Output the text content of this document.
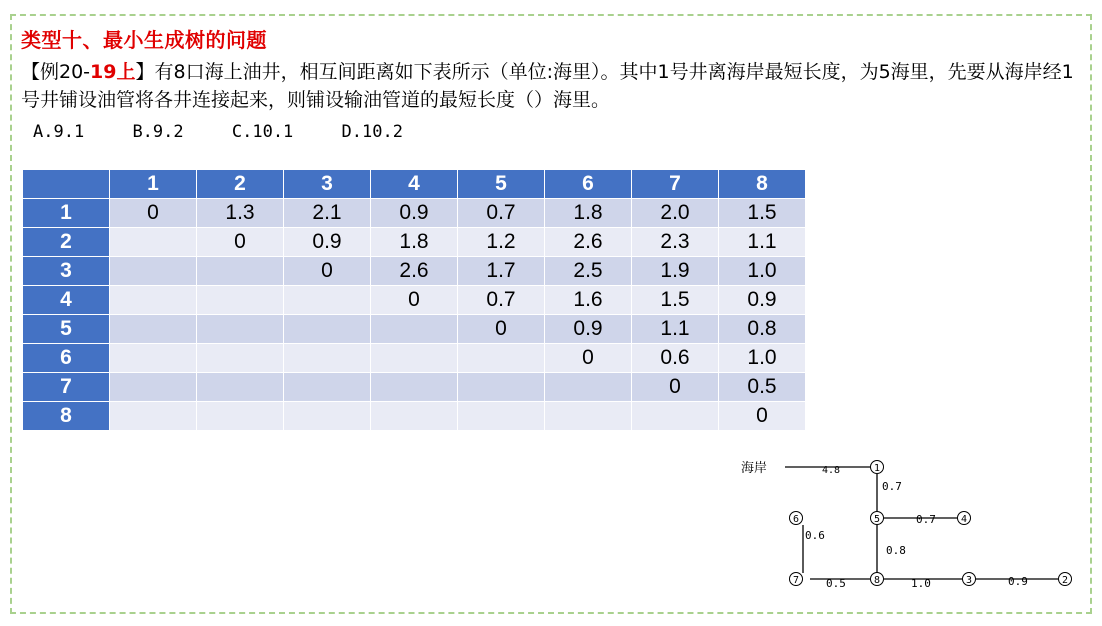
类型十、最小生成树的问题
【例20-19上】有8口海上油井，相互间距离如下表所示（单位:海里）。其中1号井离海岸最短长度，为5海里，先要从海岸经1号井铺设油管将各井连接起来，则铺设输油管道的最短长度（）海里。
A.9.1	B.9.2	C.10.1	D.10.2
	1	2	3	4	5	6	7	8
1	0	1.3	2.1	0.9	0.7	1.8	2.0	1.5
2		0	0.9	1.8	1.2	2.6	2.3	1.1
3			0	2.6	1.7	2.5	1.9	1.0
4				0	0.7	1.6	1.5	0.9
5					0	0.9	1.1	0.8
6						0	0.6	1.0
7							0	0.5
8								0
海岸	4.8
0.7
0.7
0.6
0.8
0.5	1.0	0.9
1
5	4
6
7	8	3	2
